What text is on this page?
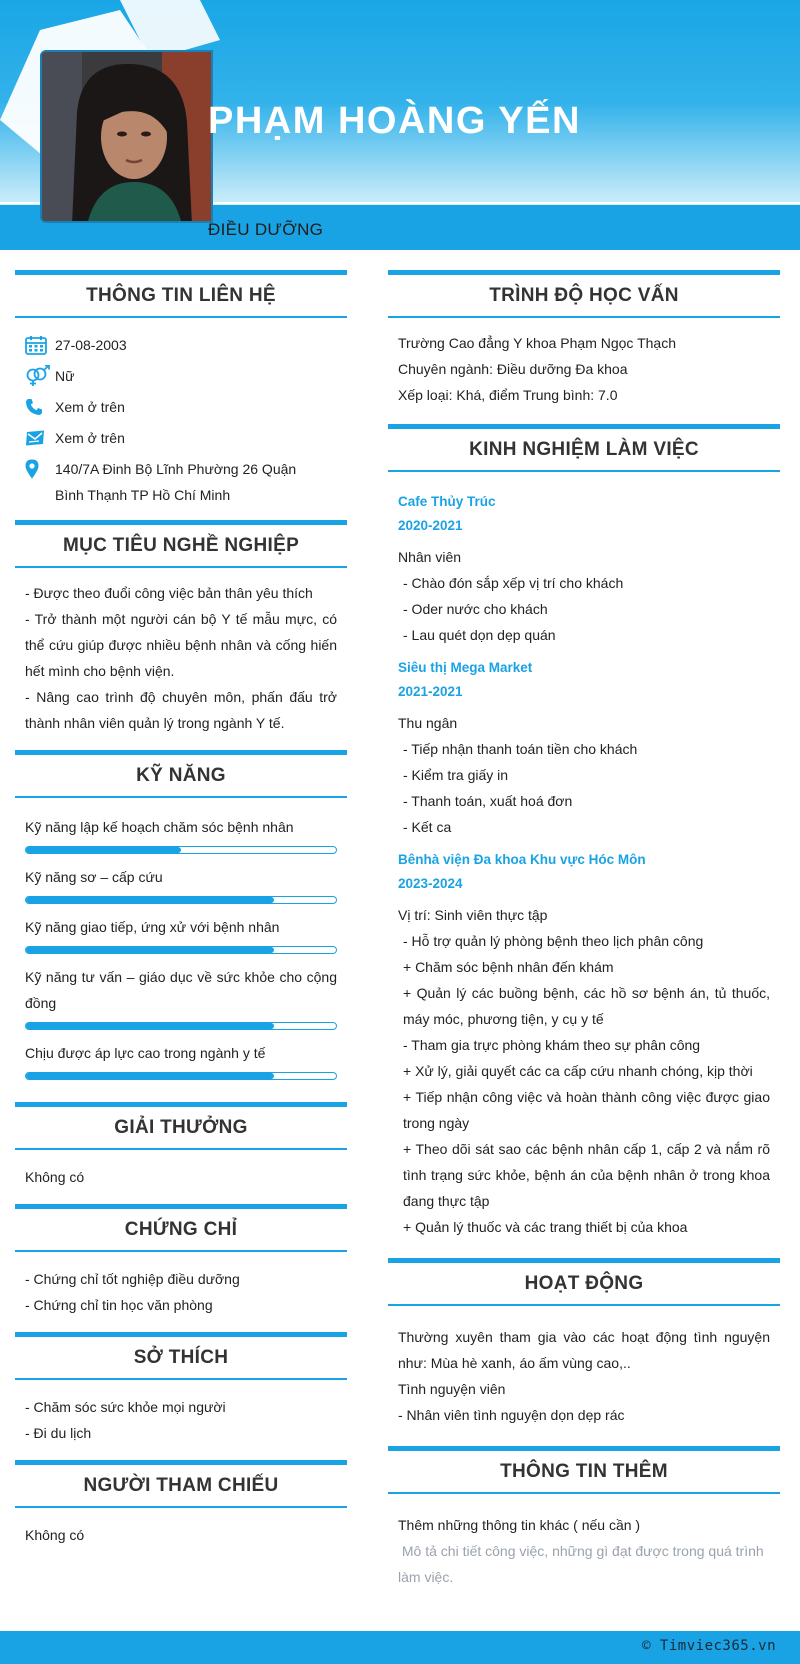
PHẠM HOÀNG YẾN
ĐIỀU DƯỠNG
THÔNG TIN LIÊN HỆ
27-08-2003
Nữ
Xem ở trên
Xem ở trên
140/7A Đinh Bộ Lĩnh Phường 26 Quận
Bình Thạnh TP Hồ Chí Minh
MỤC TIÊU NGHỀ NGHIỆP
- Được theo đuổi công việc bản thân yêu thích
- Trở thành một người cán bộ Y tế mẫu mực, có thể cứu giúp được nhiều bệnh nhân và cống hiến hết mình cho bệnh viện.
- Nâng cao trình độ chuyên môn, phấn đấu trở thành nhân viên quản lý trong ngành Y tế.
KỸ NĂNG
Kỹ năng lập kế hoạch chăm sóc bệnh nhân
Kỹ năng sơ – cấp cứu
Kỹ năng giao tiếp, ứng xử với bệnh nhân
Kỹ năng tư vấn – giáo dục về sức khỏe cho cộng đồng
Chịu được áp lực cao trong ngành y tế
GIẢI THƯỞNG
Không có
CHỨNG CHỈ
- Chứng chỉ tốt nghiệp điều dưỡng
- Chứng chỉ tin học văn phòng
SỞ THÍCH
- Chăm sóc sức khỏe mọi người
- Đi du lịch
NGƯỜI THAM CHIẾU
Không có
TRÌNH ĐỘ HỌC VẤN
Trường Cao đẳng Y khoa Phạm Ngọc Thạch
Chuyên ngành: Điều dưỡng Đa khoa
Xếp loại: Khá, điểm Trung bình: 7.0
KINH NGHIỆM LÀM VIỆC
Cafe Thủy Trúc
2020-2021
Nhân viên
- Chào đón sắp xếp vị trí cho khách
- Oder nước cho khách
- Lau quét dọn dẹp quán
Siêu thị Mega Market
2021-2021
Thu ngân
- Tiếp nhận thanh toán tiền cho khách
- Kiểm tra giấy in
- Thanh toán, xuất hoá đơn
- Kết ca
Bênhà viện Đa khoa Khu vực Hóc Môn
2023-2024
Vị trí: Sinh viên thực tập
- Hỗ trợ quản lý phòng bệnh theo lịch phân công
+ Chăm sóc bệnh nhân đến khám
+ Quản lý các buồng bệnh, các hồ sơ bệnh án, tủ thuốc, máy móc, phương tiện, y cụ y tế
- Tham gia trực phòng khám theo sự phân công
+ Xử lý, giải quyết các ca cấp cứu nhanh chóng, kịp thời
+ Tiếp nhận công việc và hoàn thành công việc được giao trong ngày
+ Theo dõi sát sao các bệnh nhân cấp 1, cấp 2 và nắm rõ tình trạng sức khỏe, bệnh án của bệnh nhân ở trong khoa đang thực tập
+ Quản lý thuốc và các trang thiết bị của khoa
HOẠT ĐỘNG
Thường xuyên tham gia vào các hoạt động tình nguyện như: Mùa hè xanh, áo ấm vùng cao,..
Tình nguyện viên
- Nhân viên tình nguyện dọn dẹp rác
THÔNG TIN THÊM
Thêm những thông tin khác ( nếu cần )
Mô tả chi tiết công việc, những gì đạt được trong quá trình làm việc.
© Timviec365.vn
